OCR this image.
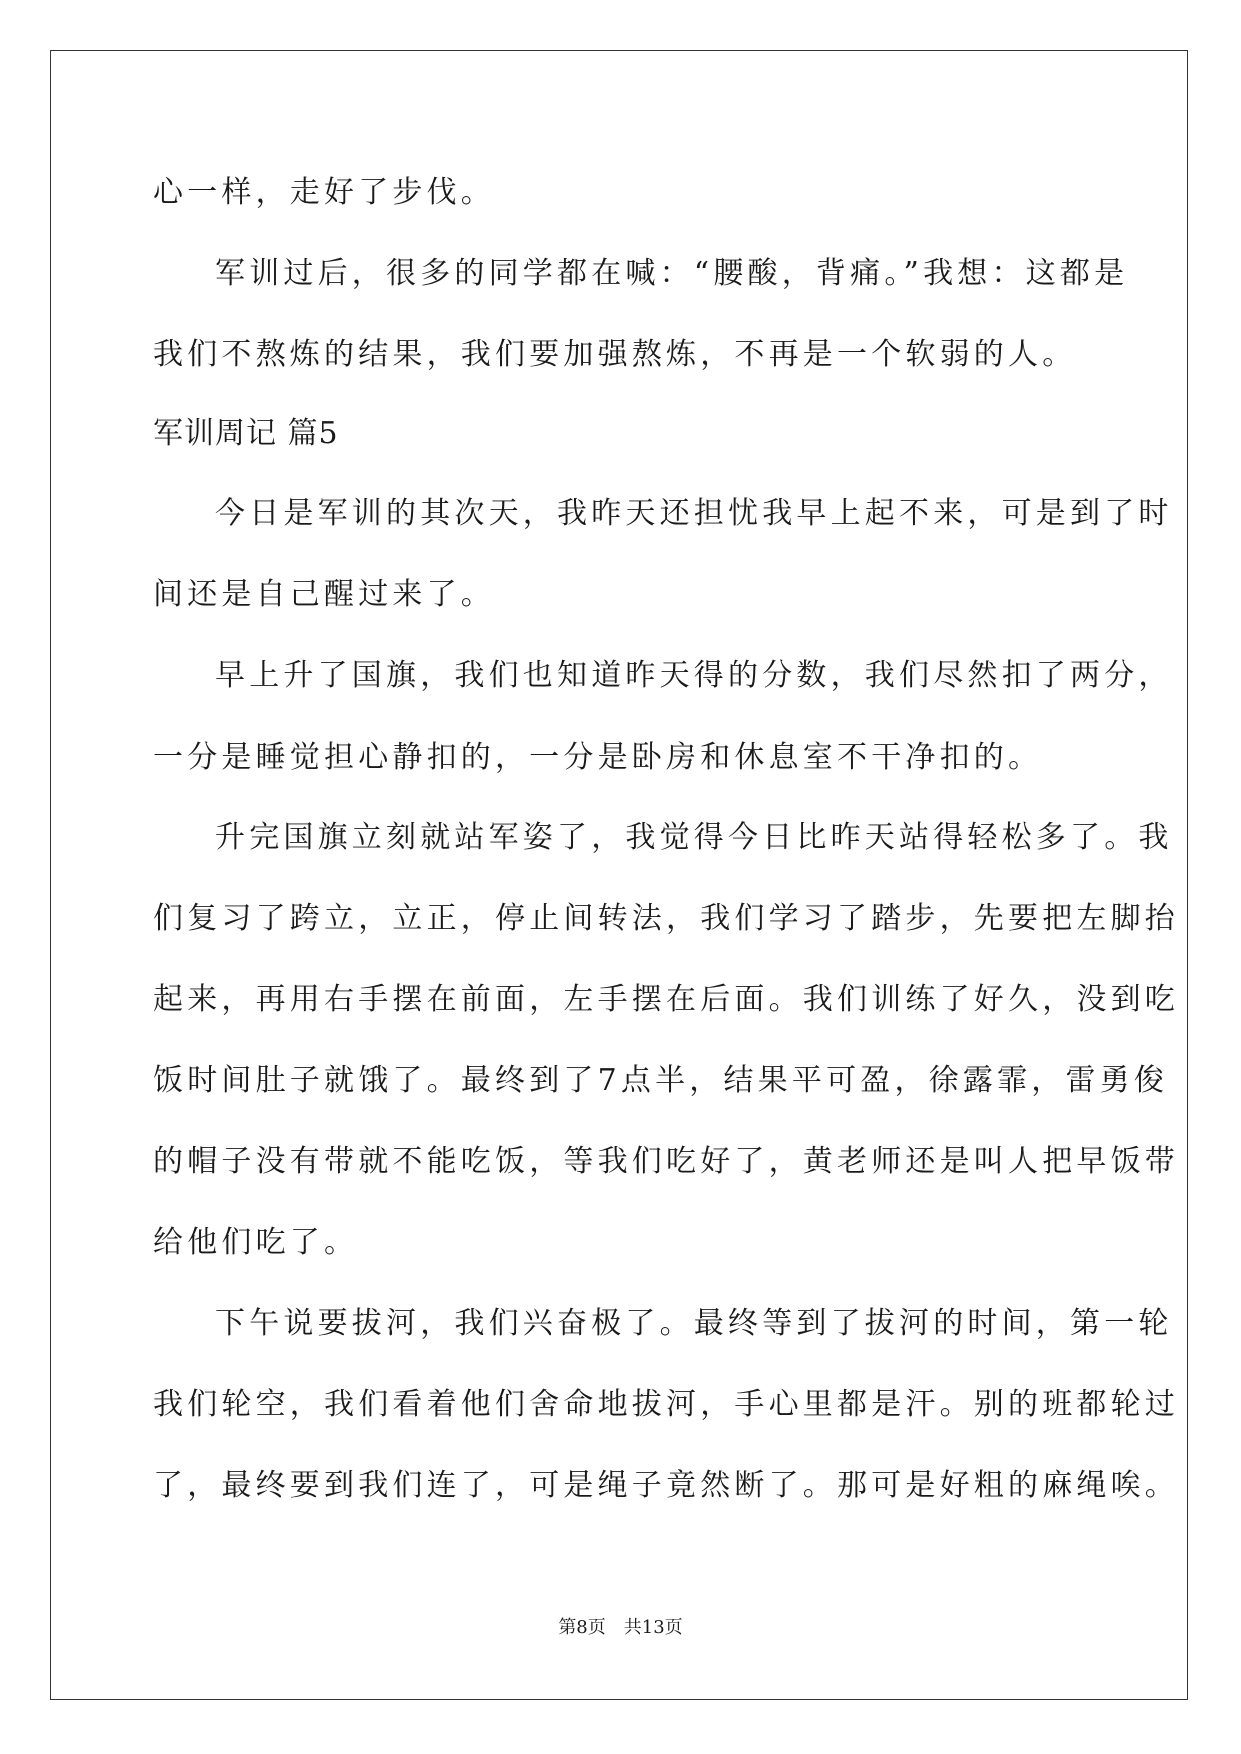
心一样，走好了步伐。
军训过后，很多的同学都在喊：“腰酸，背痛。”我想：这都是
我们不熬炼的结果，我们要加强熬炼，不再是一个软弱的人。
军训周记 篇5
今日是军训的其次天，我昨天还担忧我早上起不来，可是到了时
间还是自己醒过来了。
早上升了国旗，我们也知道昨天得的分数，我们尽然扣了两分，
一分是睡觉担心静扣的，一分是卧房和休息室不干净扣的。
升完国旗立刻就站军姿了，我觉得今日比昨天站得轻松多了。我
们复习了跨立，立正，停止间转法，我们学习了踏步，先要把左脚抬
起来，再用右手摆在前面，左手摆在后面。我们训练了好久，没到吃
饭时间肚子就饿了。最终到了7点半，结果平可盈，徐露霏，雷勇俊
的帽子没有带就不能吃饭，等我们吃好了，黄老师还是叫人把早饭带
给他们吃了。
下午说要拔河，我们兴奋极了。最终等到了拔河的时间，第一轮
我们轮空，我们看着他们舍命地拔河，手心里都是汗。别的班都轮过
了，最终要到我们连了，可是绳子竟然断了。那可是好粗的麻绳唉。
第8页 共13页
